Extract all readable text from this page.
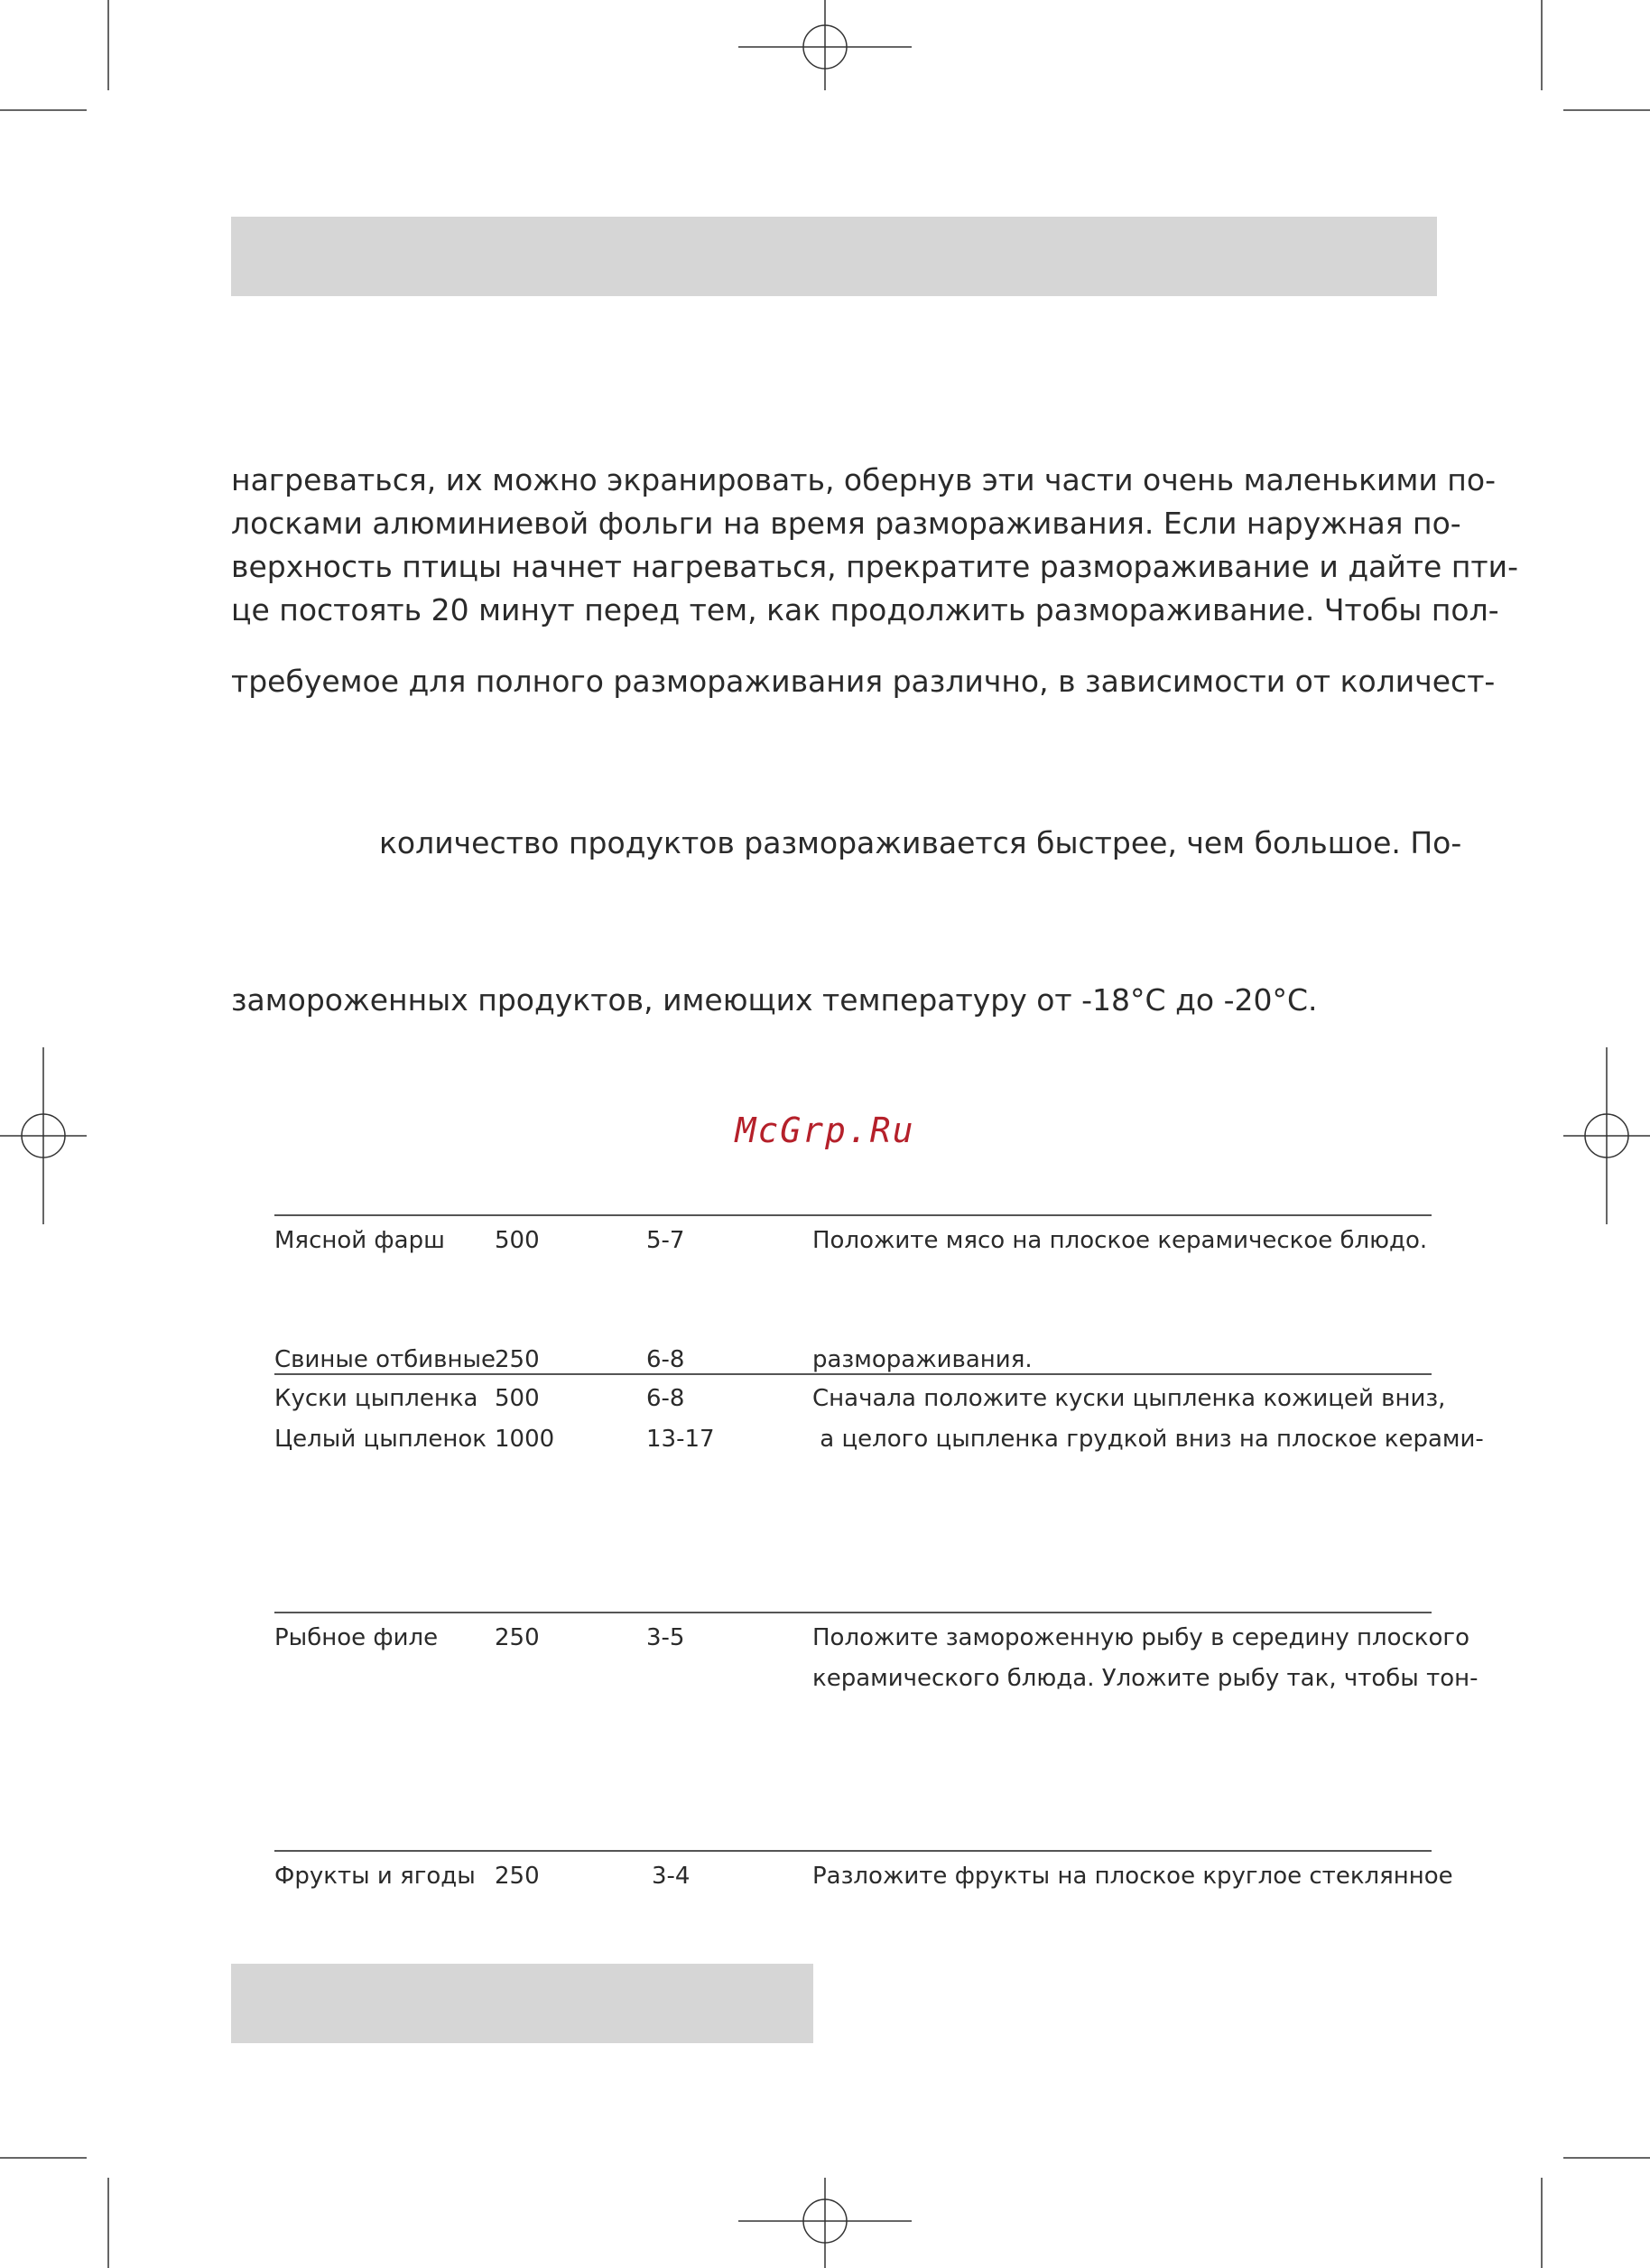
нагреваться, их можно экранировать, обернув эти части очень маленькими по-
лосками алюминиевой фольги на время размораживания. Если наружная по-
верхность птицы начнет нагреваться, прекратите размораживание и дайте пти-
це постоять 20 минут перед тем, как продолжить размораживание. Чтобы пол-
требуемое для полного размораживания различно, в зависимости от количест-
количество продуктов размораживается быстрее, чем большое. По-
замороженных продуктов, имеющих температуру от -18°C до -20°C.
McGrp.Ru
Мясной фарш 500	5-7	Положите мясо на плоское керамическое блюдо.
Свиные отбивные 250	6-8	размораживания.
Куски цыпленка 500	6-8	Сначала положите куски цыпленка кожицей вниз,
Целый цыпленок 1000	13-17	а целого цыпленка грудкой вниз на плоское керами-
Рыбное филе 250	3-5	Положите замороженную рыбу в середину плоского
керамического блюда. Уложите рыбу так, чтобы тон-
Фрукты и ягоды 250	3-4	Разложите фрукты на плоское круглое стеклянное
